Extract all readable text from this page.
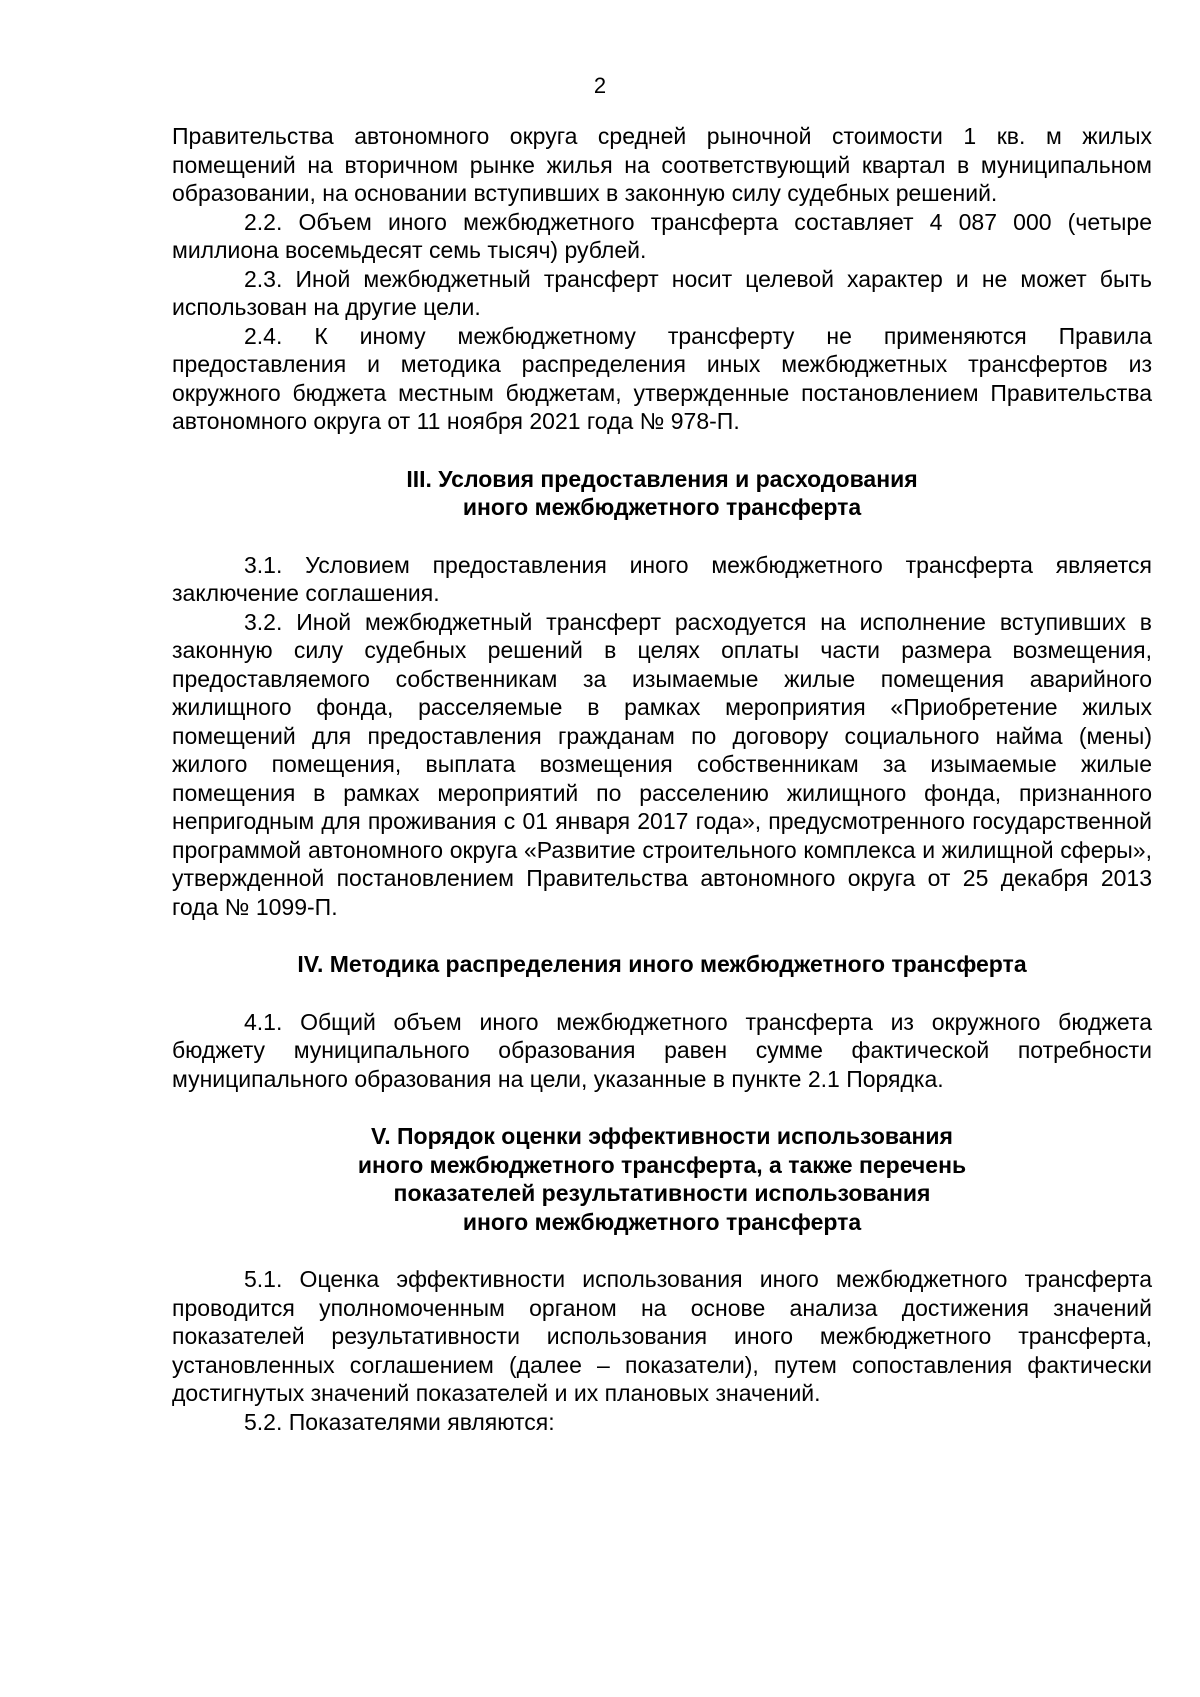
2

Правительства автономного округа средней рыночной стоимости 1 кв. м жилых помещений на вторичном рынке жилья на соответствующий квартал в муниципальном образовании, на основании вступивших в законную силу судебных решений.

2.2. Объем иного межбюджетного трансферта составляет 4 087 000 (четыре миллиона восемьдесят семь тысяч) рублей.

2.3. Иной межбюджетный трансферт носит целевой характер и не может быть использован на другие цели.

2.4. К иному межбюджетному трансферту не применяются Правила предоставления и методика распределения иных межбюджетных трансфертов из окружного бюджета местным бюджетам, утвержденные постановлением Правительства автономного округа от 11 ноября 2021 года № 978-П.

III. Условия предоставления и расходования
иного межбюджетного трансферта

3.1. Условием предоставления иного межбюджетного трансферта является заключение соглашения.

3.2. Иной межбюджетный трансферт расходуется на исполнение вступивших в законную силу судебных решений в целях оплаты части размера возмещения, предоставляемого собственникам за изымаемые жилые помещения аварийного жилищного фонда, расселяемые в рамках мероприятия «Приобретение жилых помещений для предоставления гражданам по договору социального найма (мены) жилого помещения, выплата возмещения собственникам за изымаемые жилые помещения в рамках мероприятий по расселению жилищного фонда, признанного непригодным для проживания с 01 января 2017 года», предусмотренного государственной программой автономного округа «Развитие строительного комплекса и жилищной сферы», утвержденной постановлением Правительства автономного округа от 25 декабря 2013 года № 1099-П.

IV. Методика распределения иного межбюджетного трансферта

4.1. Общий объем иного межбюджетного трансферта из окружного бюджета бюджету муниципального образования равен сумме фактической потребности муниципального образования на цели, указанные в пункте 2.1 Порядка.

V. Порядок оценки эффективности использования
иного межбюджетного трансферта, а также перечень
показателей результативности использования
иного межбюджетного трансферта

5.1. Оценка эффективности использования иного межбюджетного трансферта проводится уполномоченным органом на основе анализа достижения значений показателей результативности использования иного межбюджетного трансферта, установленных соглашением (далее – показатели), путем сопоставления фактически достигнутых значений показателей и их плановых значений.

5.2. Показателями являются:
